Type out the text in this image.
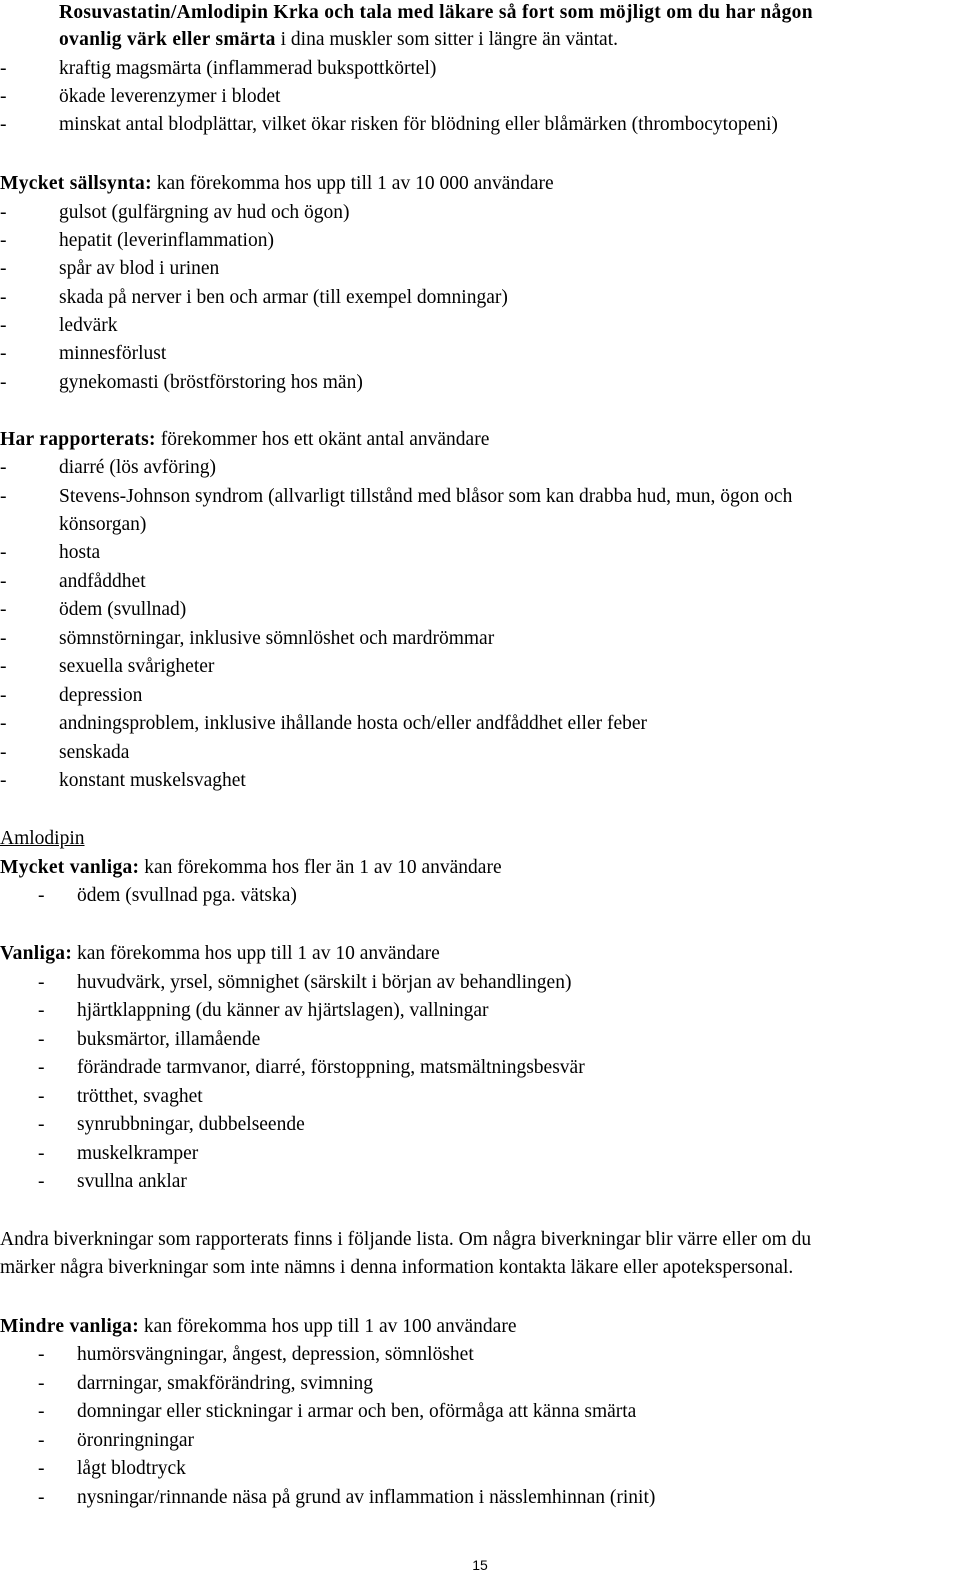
Rosuvastatin/Amlodipin Krka och tala med läkare så fort som möjligt om du har någon
ovanlig värk eller smärta i dina muskler som sitter i längre än väntat.
-	kraftig magsmärta (inflammerad bukspottkörtel)
-	ökade leverenzymer i blodet
-	minskat antal blodplättar, vilket ökar risken för blödning eller blåmärken (thrombocytopeni)
Mycket sällsynta: kan förekomma hos upp till 1 av 10 000 användare
-	gulsot (gulfärgning av hud och ögon)
-	hepatit (leverinflammation)
-	spår av blod i urinen
-	skada på nerver i ben och armar (till exempel domningar)
-	ledvärk
-	minnesförlust
-	gynekomasti (bröstförstoring hos män)
Har rapporterats: förekommer hos ett okänt antal användare
-	diarré (lös avföring)
-	Stevens-Johnson syndrom (allvarligt tillstånd med blåsor som kan drabba hud, mun, ögon och
könsorgan)
-	hosta
-	andfåddhet
-	ödem (svullnad)
-	sömnstörningar, inklusive sömnlöshet och mardrömmar
-	sexuella svårigheter
-	depression
-	andningsproblem, inklusive ihållande hosta och/eller andfåddhet eller feber
-	senskada
-	konstant muskelsvaghet
Amlodipin
Mycket vanliga: kan förekomma hos fler än 1 av 10 användare
-	ödem (svullnad pga. vätska)
Vanliga: kan förekomma hos upp till 1 av 10 användare
-	huvudvärk, yrsel, sömnighet (särskilt i början av behandlingen)
-	hjärtklappning (du känner av hjärtslagen), vallningar
-	buksmärtor, illamående
-	förändrade tarmvanor, diarré, förstoppning, matsmältningsbesvär
-	trötthet, svaghet
-	synrubbningar, dubbelseende
-	muskelkramper
-	svullna anklar
Andra biverkningar som rapporterats finns i följande lista. Om några biverkningar blir värre eller om du
märker några biverkningar som inte nämns i denna information kontakta läkare eller apotekspersonal.
Mindre vanliga: kan förekomma hos upp till 1 av 100 användare
-	humörsvängningar, ångest, depression, sömnlöshet
-	darrningar, smakförändring, svimning
-	domningar eller stickningar i armar och ben, oförmåga att känna smärta
-	öronringningar
-	lågt blodtryck
-	nysningar/rinnande näsa på grund av inflammation i nässlemhinnan (rinit)
15
